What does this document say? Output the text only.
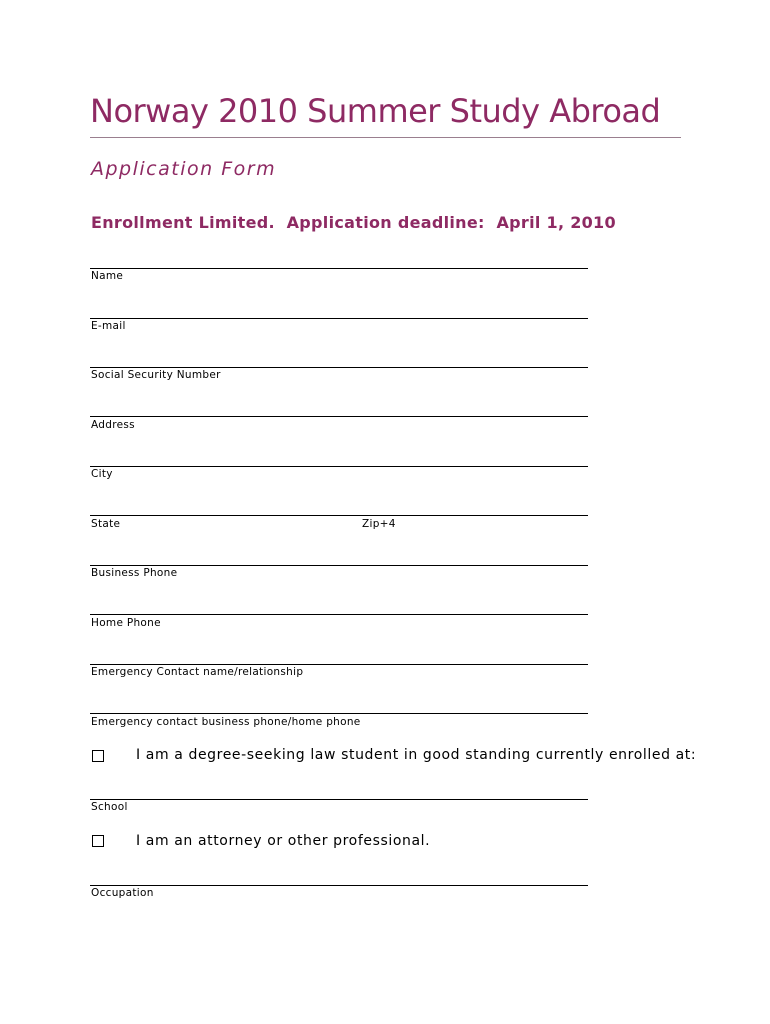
Norway 2010 Summer Study Abroad
Application Form
Enrollment Limited.  Application deadline:  April 1, 2010
Name
E-mail
Social Security Number
Address
City
State	Zip+4
Business Phone
Home Phone
Emergency Contact name/relationship
Emergency contact business phone/home phone
I am a degree-seeking law student in good standing currently enrolled at:
School
I am an attorney or other professional.
Occupation
